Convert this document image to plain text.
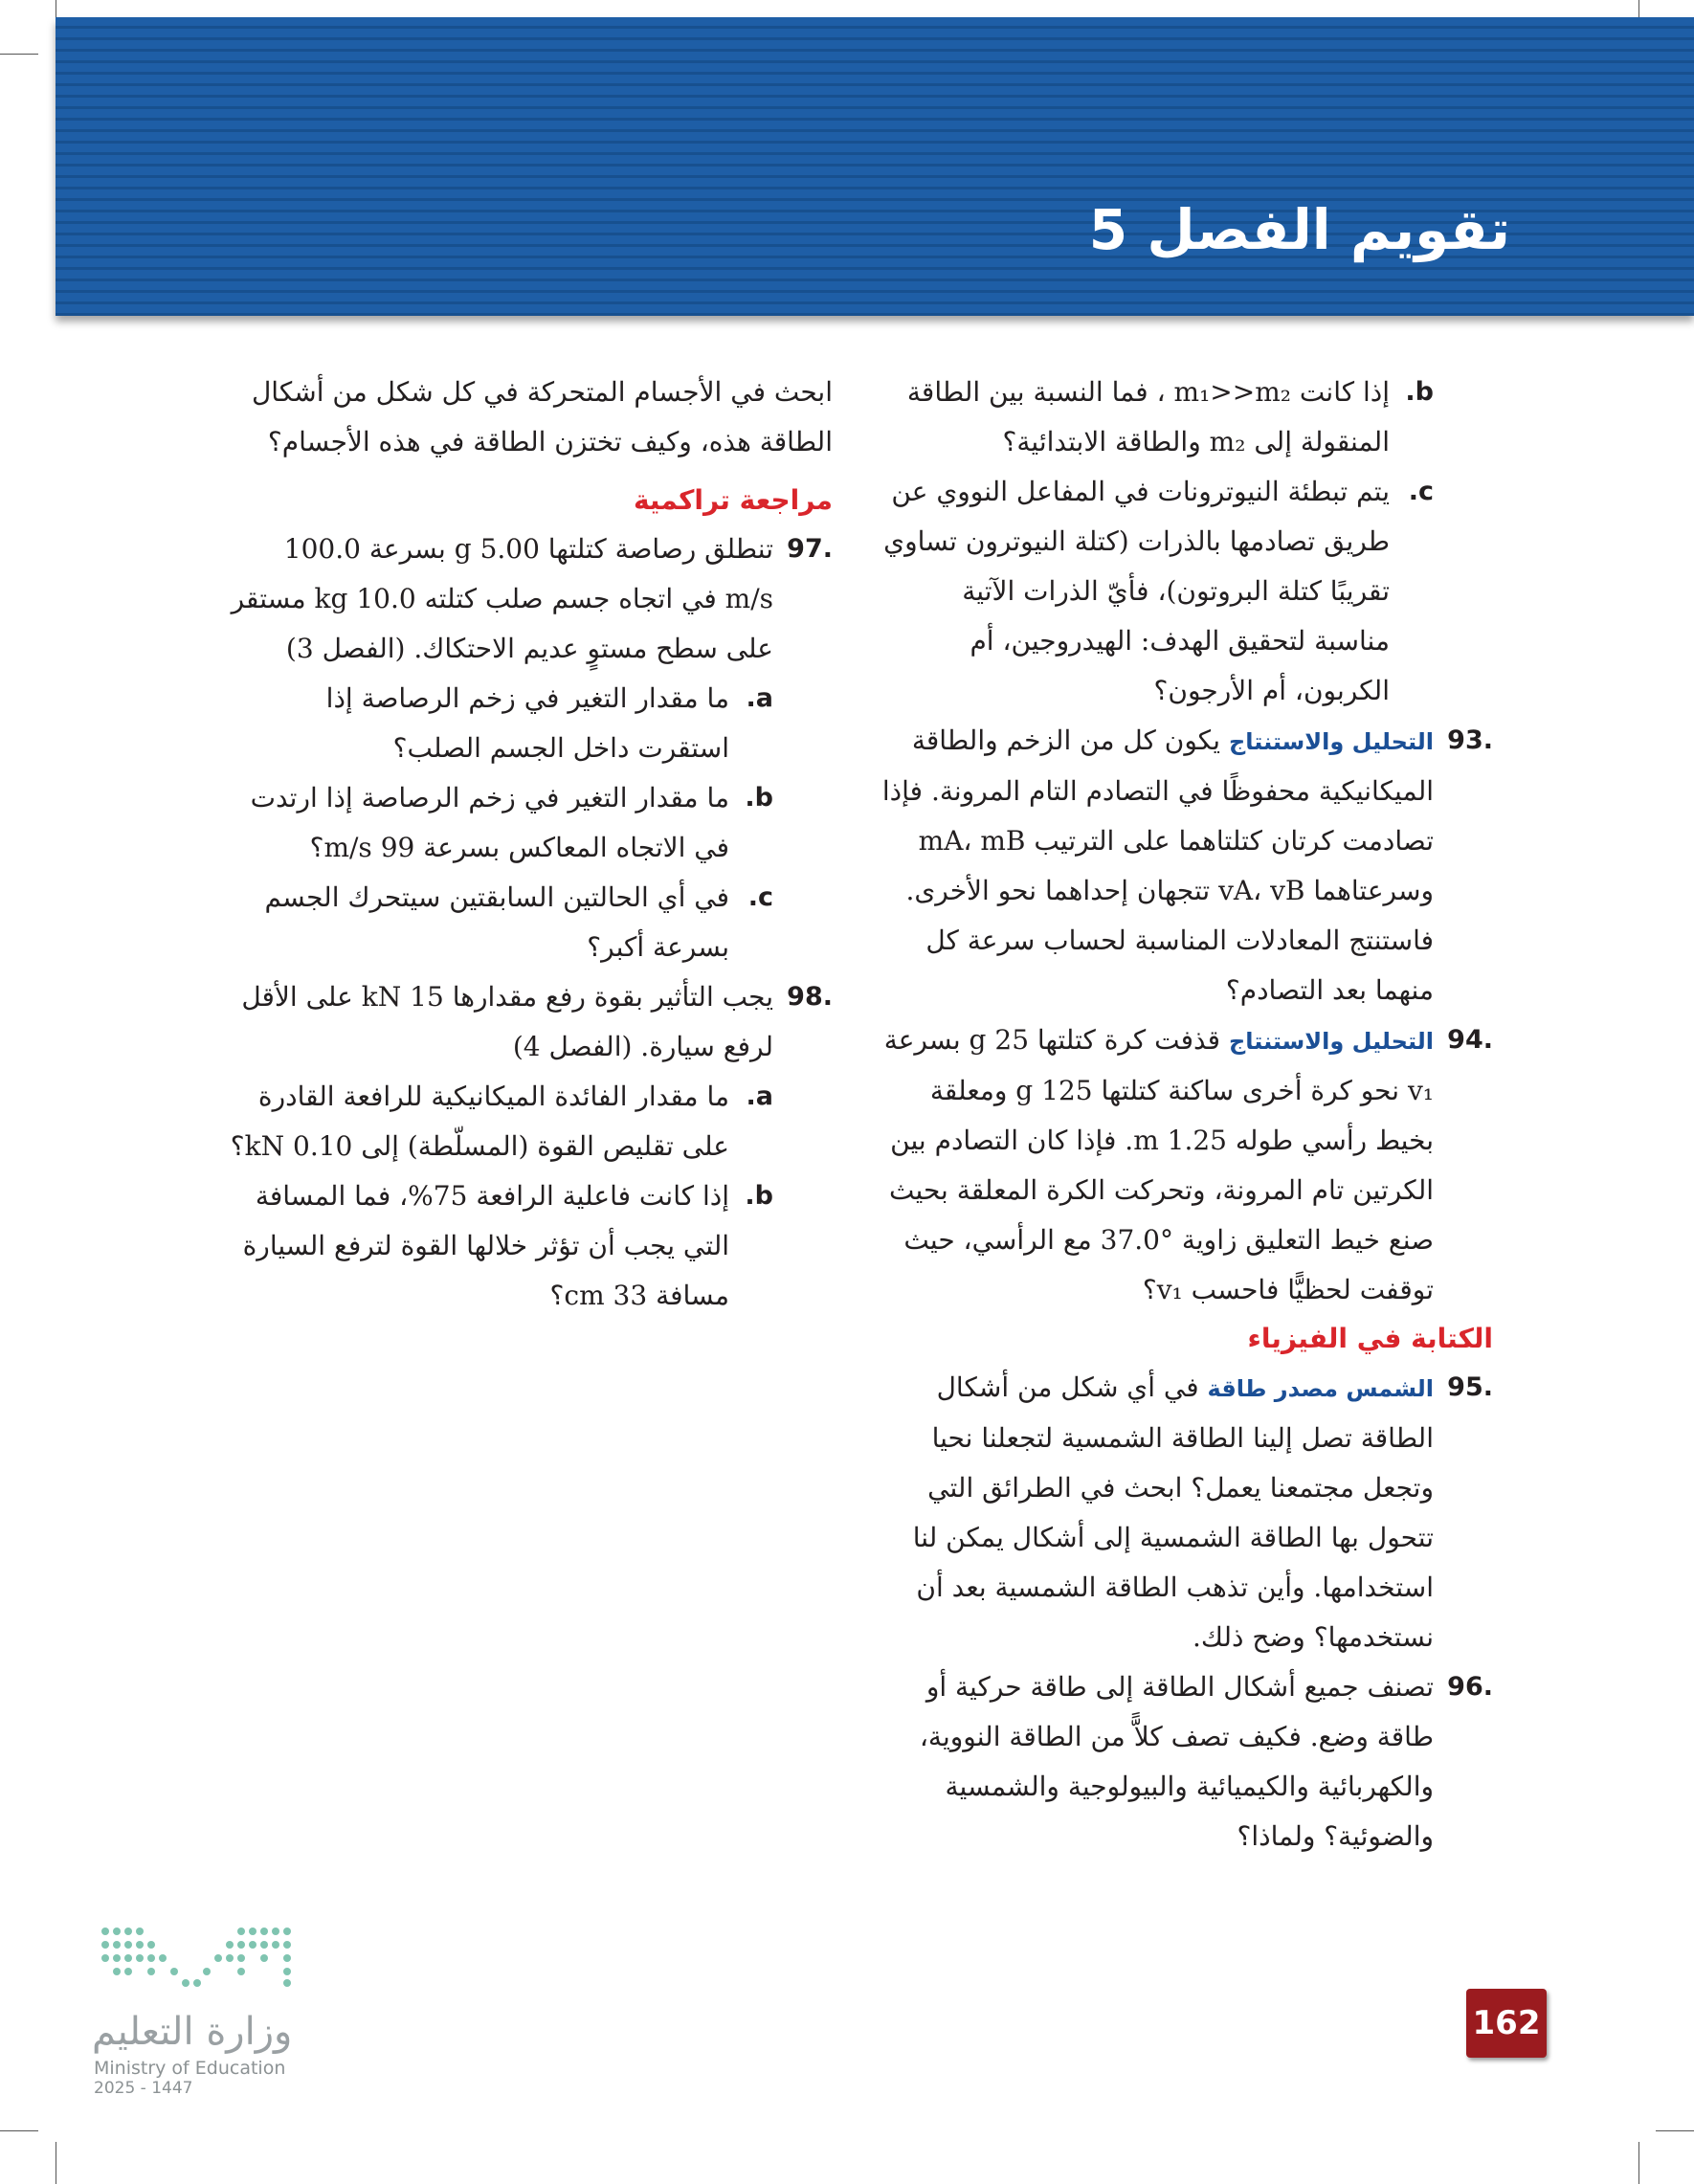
تقويم الفصل 5
b.
إذا كانت m₁>>m₂ ، فما النسبة بين الطاقة المنقولة إلى m₂ والطاقة الابتدائية؟
c.
يتم تبطئة النيوترونات في المفاعل النووي عن طريق تصادمها بالذرات (كتلة النيوترون تساوي تقريبًا كتلة البروتون)، فأيّ الذرات الآتية مناسبة لتحقيق الهدف: الهيدروجين، أم الكربون، أم الأرجون؟
93.
التحليل والاستنتاج يكون كل من الزخم والطاقة الميكانيكية محفوظًا في التصادم التام المرونة. فإذا تصادمت كرتان كتلتاهما على الترتيب mA، mB وسرعتاهما vA، vB تتجهان إحداهما نحو الأخرى. فاستنتج المعادلات المناسبة لحساب سرعة كل منهما بعد التصادم؟
94.
التحليل والاستنتاج قذفت كرة كتلتها 25 g بسرعة v₁ نحو كرة أخرى ساكنة كتلتها 125 g ومعلقة بخيط رأسي طوله 1.25 m. فإذا كان التصادم بين الكرتين تام المرونة، وتحركت الكرة المعلقة بحيث صنع خيط التعليق زاوية °37.0 مع الرأسي، حيث توقفت لحظيًّا فاحسب v₁؟
الكتابة في الفيزياء
95.
الشمس مصدر طاقة في أي شكل من أشكال الطاقة تصل إلينا الطاقة الشمسية لتجعلنا نحيا وتجعل مجتمعنا يعمل؟ ابحث في الطرائق التي تتحول بها الطاقة الشمسية إلى أشكال يمكن لنا استخدامها. وأين تذهب الطاقة الشمسية بعد أن نستخدمها؟ وضح ذلك.
96.
تصنف جميع أشكال الطاقة إلى طاقة حركية أو طاقة وضع. فكيف تصف كلاًّ من الطاقة النووية، والكهربائية والكيميائية والبيولوجية والشمسية والضوئية؟ ولماذا؟
ابحث في الأجسام المتحركة في كل شكل من أشكال الطاقة هذه، وكيف تختزن الطاقة في هذه الأجسام؟
مراجعة تراكمية
97.
تنطلق رصاصة كتلتها 5.00 g بسرعة 100.0 m/s في اتجاه جسم صلب كتلته 10.0 kg مستقر على سطح مستوٍ عديم الاحتكاك. (الفصل 3)
a.
ما مقدار التغير في زخم الرصاصة إذا استقرت داخل الجسم الصلب؟
b.
ما مقدار التغير في زخم الرصاصة إذا ارتدت في الاتجاه المعاكس بسرعة 99 m/s؟
c.
في أي الحالتين السابقتين سيتحرك الجسم بسرعة أكبر؟
98.
يجب التأثير بقوة رفع مقدارها 15 kN على الأقل لرفع سيارة. (الفصل 4)
a.
ما مقدار الفائدة الميكانيكية للرافعة القادرة على تقليص القوة (المسلّطة) إلى 0.10 kN؟
b.
إذا كانت فاعلية الرافعة 75%، فما المسافة التي يجب أن تؤثر خلالها القوة لترفع السيارة مسافة 33 cm؟
وزارة التعليم
Ministry of Education
2025 - 1447
162
